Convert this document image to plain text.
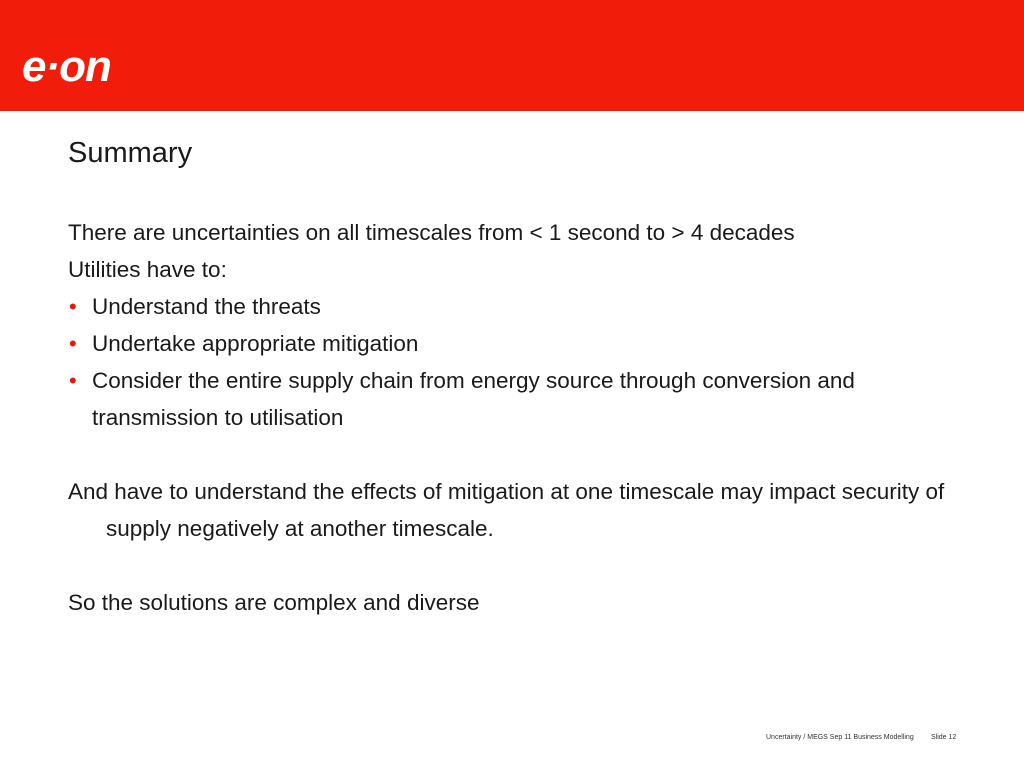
e·on
Summary

There are uncertainties on all timescales from < 1 second to > 4 decades

Utilities have to:

• Understand the threats
• Undertake appropriate mitigation
• Consider the entire supply chain from energy source through conversion and transmission to utilisation

And have to understand the effects of mitigation at one timescale may impact security of supply negatively at another timescale.

So the solutions are complex and diverse

Uncertainty / MEGS Sep 11 Business Modelling Slide 12
